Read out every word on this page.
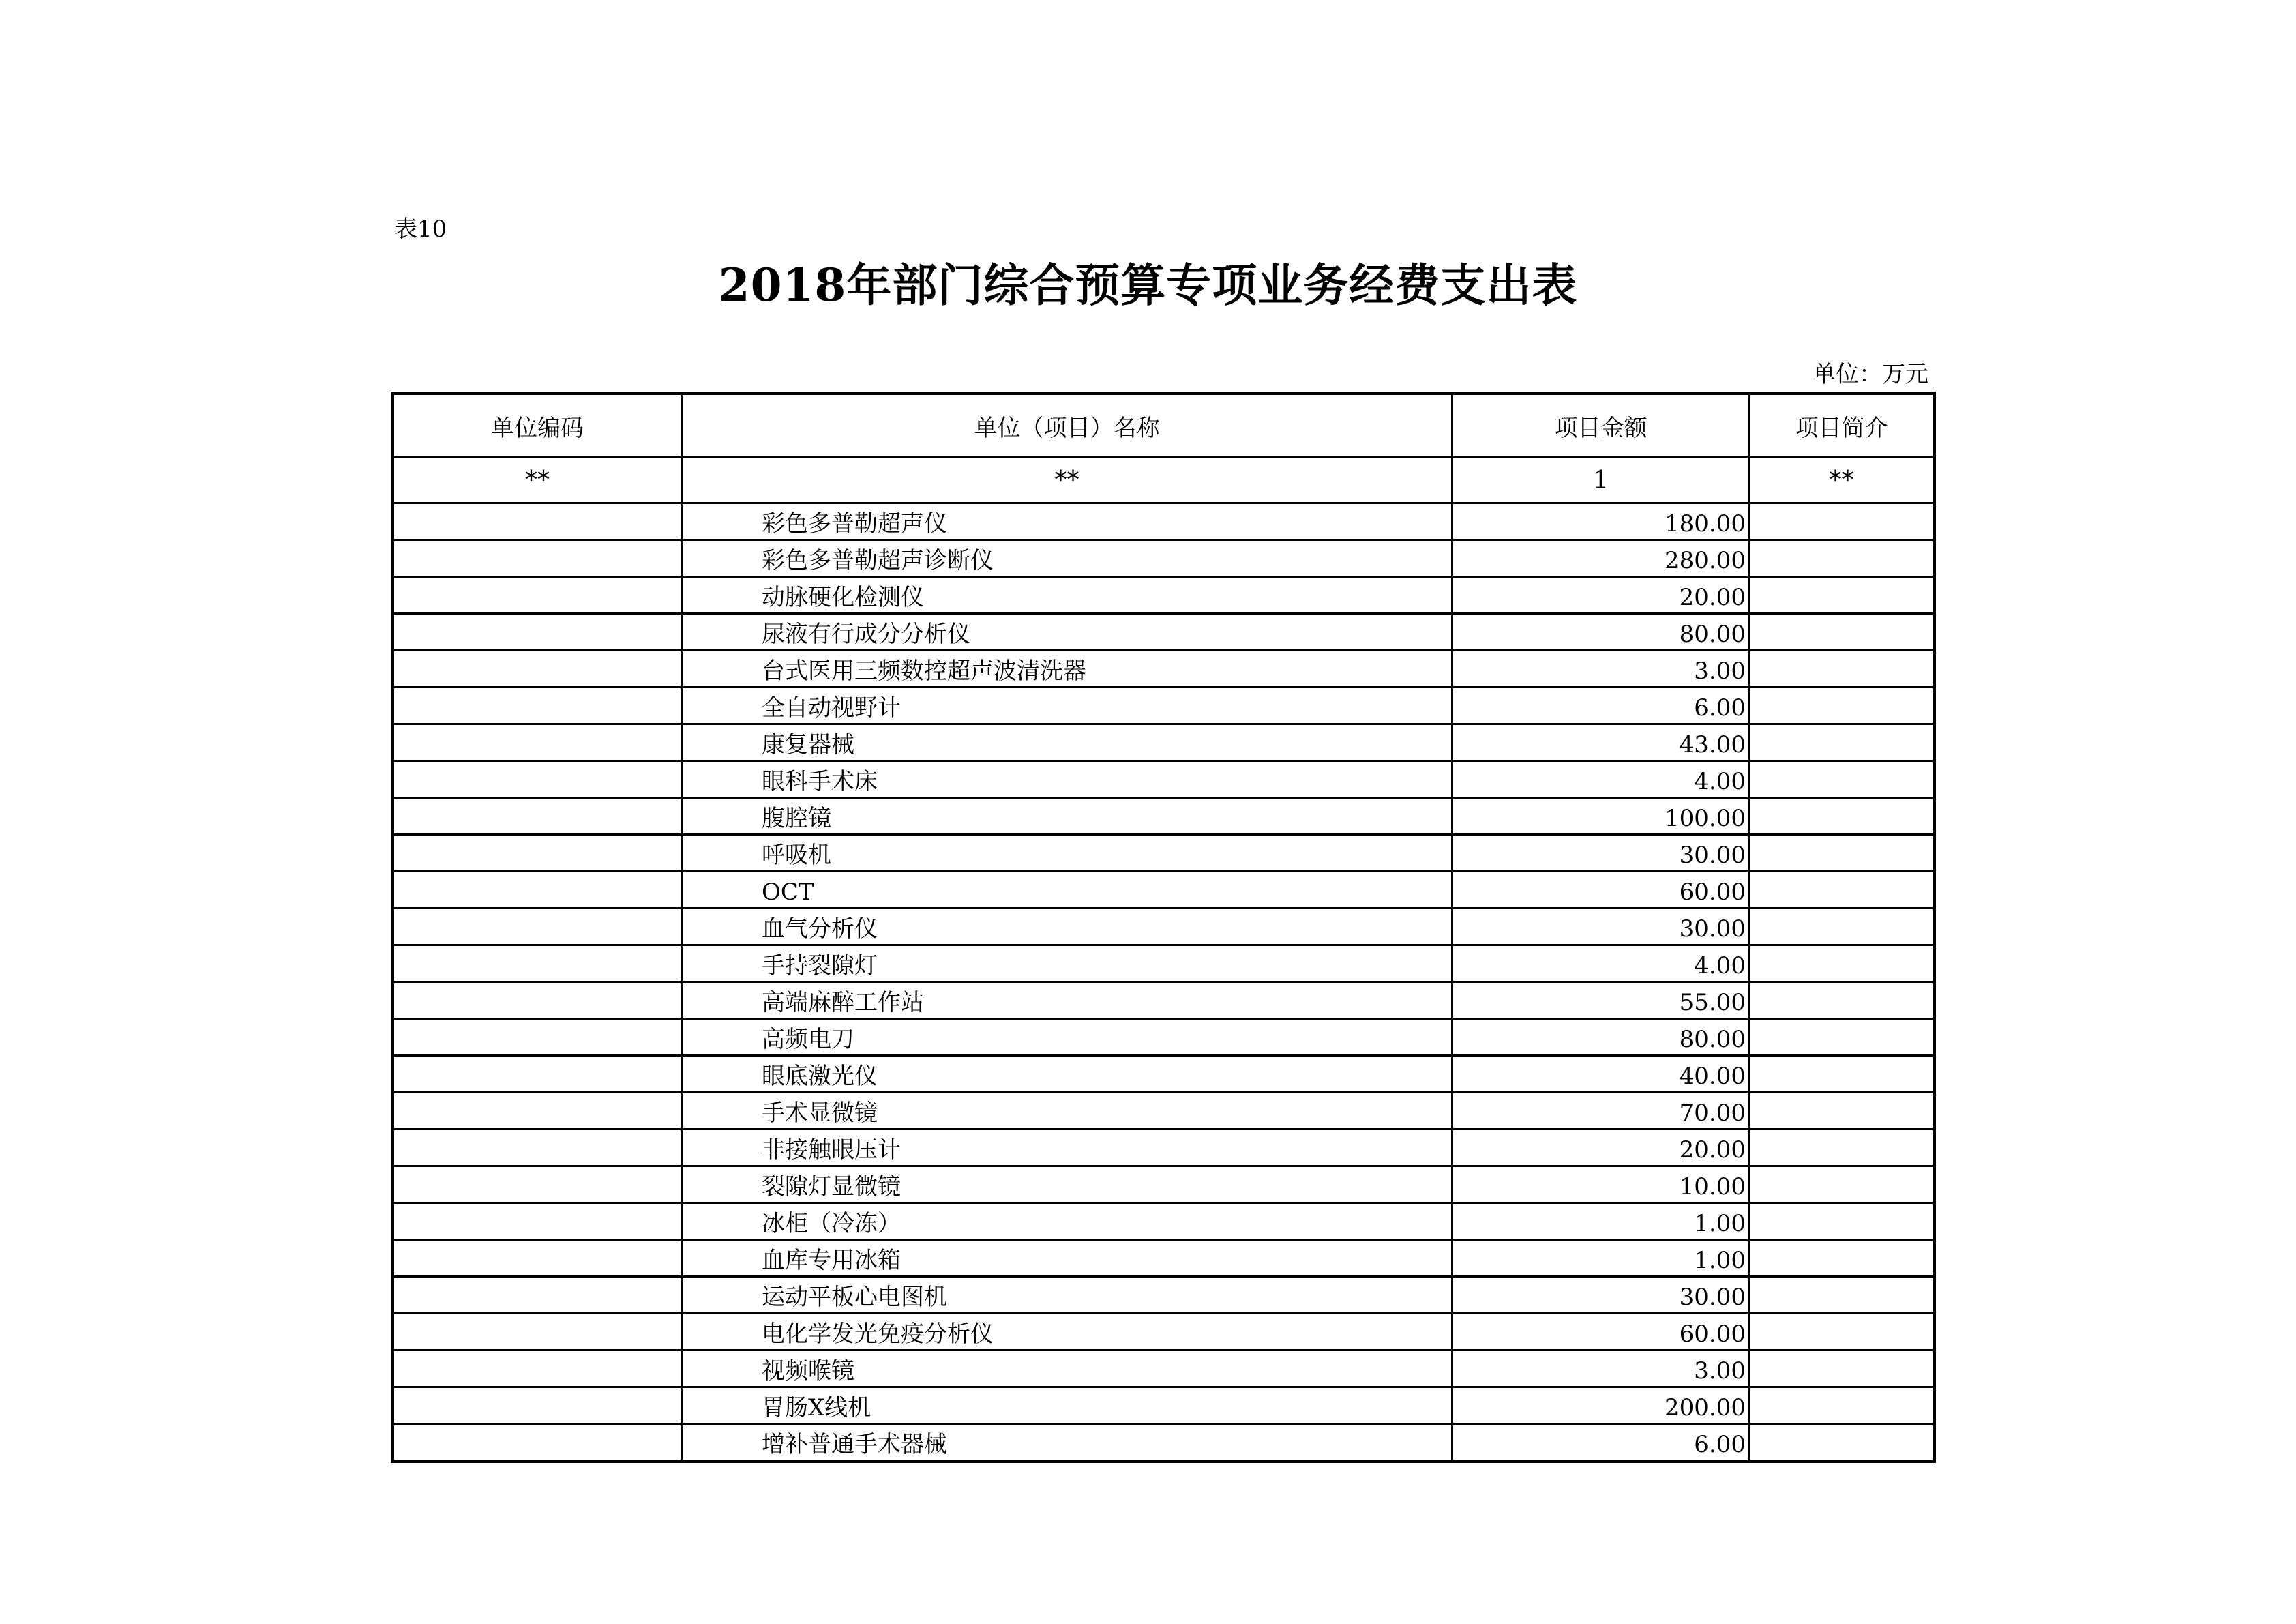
表10
2018年部门综合预算专项业务经费支出表
单位：万元
单位编码	单位（项目）名称	项目金额	项目简介
**	**	1	**
	彩色多普勒超声仪	180.00	
	彩色多普勒超声诊断仪	280.00	
	动脉硬化检测仪	20.00	
	尿液有行成分分析仪	80.00	
	台式医用三频数控超声波清洗器	3.00	
	全自动视野计	6.00	
	康复器械	43.00	
	眼科手术床	4.00	
	腹腔镜	100.00	
	呼吸机	30.00	
	OCT	60.00	
	血气分析仪	30.00	
	手持裂隙灯	4.00	
	高端麻醉工作站	55.00	
	高频电刀	80.00	
	眼底激光仪	40.00	
	手术显微镜	70.00	
	非接触眼压计	20.00	
	裂隙灯显微镜	10.00	
	冰柜（冷冻）	1.00	
	血库专用冰箱	1.00	
	运动平板心电图机	30.00	
	电化学发光免疫分析仪	60.00	
	视频喉镜	3.00	
	胃肠X线机	200.00	
	增补普通手术器械	6.00	
